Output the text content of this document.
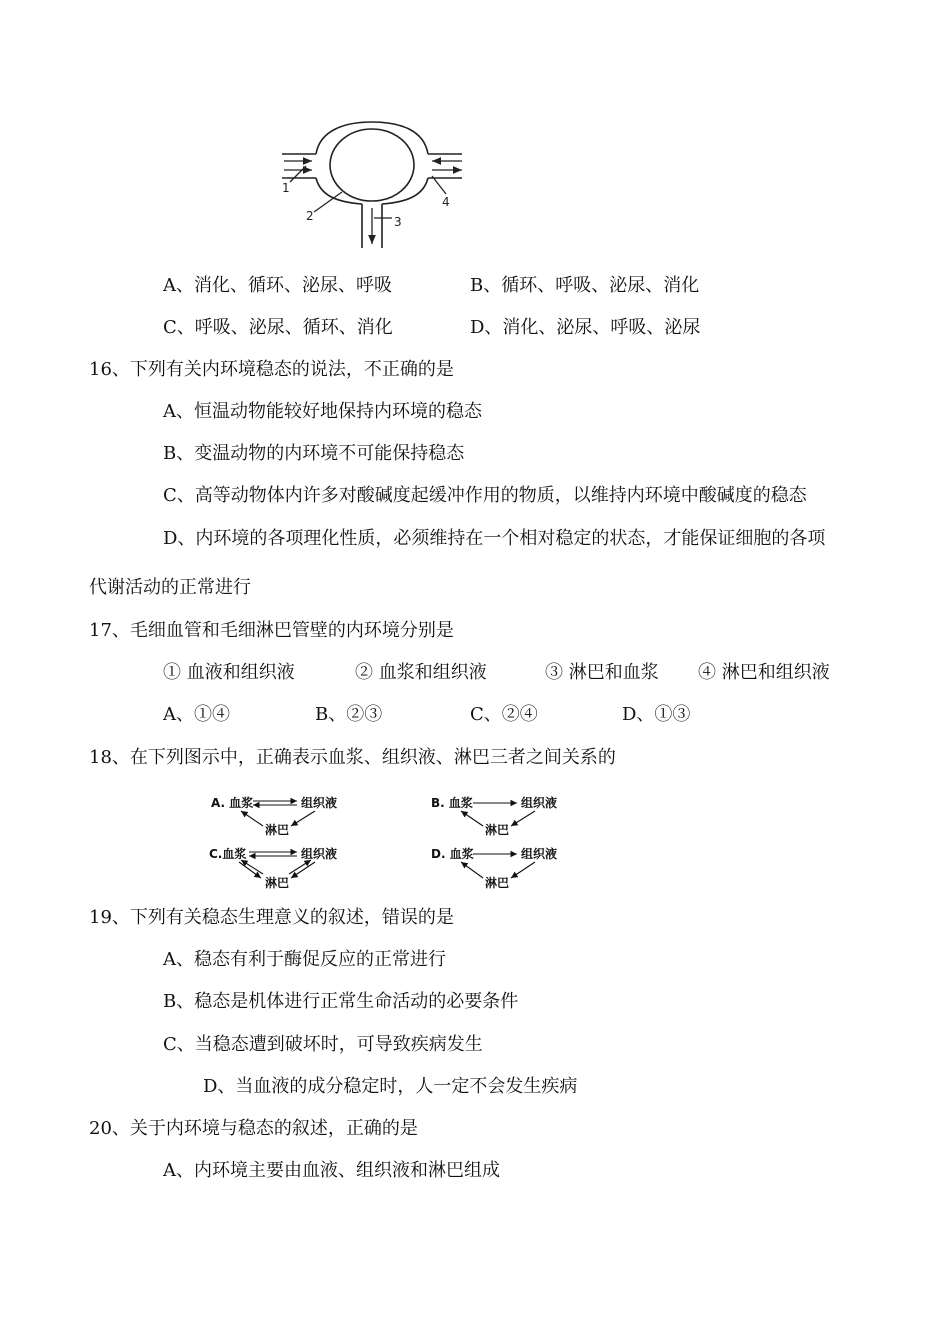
1
2	3
4
A、消化、循环、泌尿、呼吸	B、循环、呼吸、泌尿、消化
C、呼吸、泌尿、循环、消化	D、消化、泌尿、呼吸、泌尿
16、下列有关内环境稳态的说法，不正确的是
A、恒温动物能较好地保持内环境的稳态
B、变温动物的内环境不可能保持稳态
C、高等动物体内许多对酸碱度起缓冲作用的物质，以维持内环境中酸碱度的稳态
D、内环境的各项理化性质，必须维持在一个相对稳定的状态，才能保证细胞的各项
代谢活动的正常进行
17、毛细血管和毛细淋巴管壁的内环境分别是
① 血液和组织液	② 血浆和组织液	③ 淋巴和血浆 ④ 淋巴和组织液
A、①④	B、②③	C、②④	D、①③
18、在下列图示中，正确表示血浆、组织液、淋巴三者之间关系的
A. 血浆	组织液
淋巴
B. 血浆	组织液
淋巴
C.血浆	组织液
淋巴
D. 血浆	组织液
淋巴
19、下列有关稳态生理意义的叙述，错误的是
A、稳态有利于酶促反应的正常进行
B、稳态是机体进行正常生命活动的必要条件
C、当稳态遭到破坏时，可导致疾病发生
D、当血液的成分稳定时，人一定不会发生疾病
20、关于内环境与稳态的叙述，正确的是
A、内环境主要由血液、组织液和淋巴组成
